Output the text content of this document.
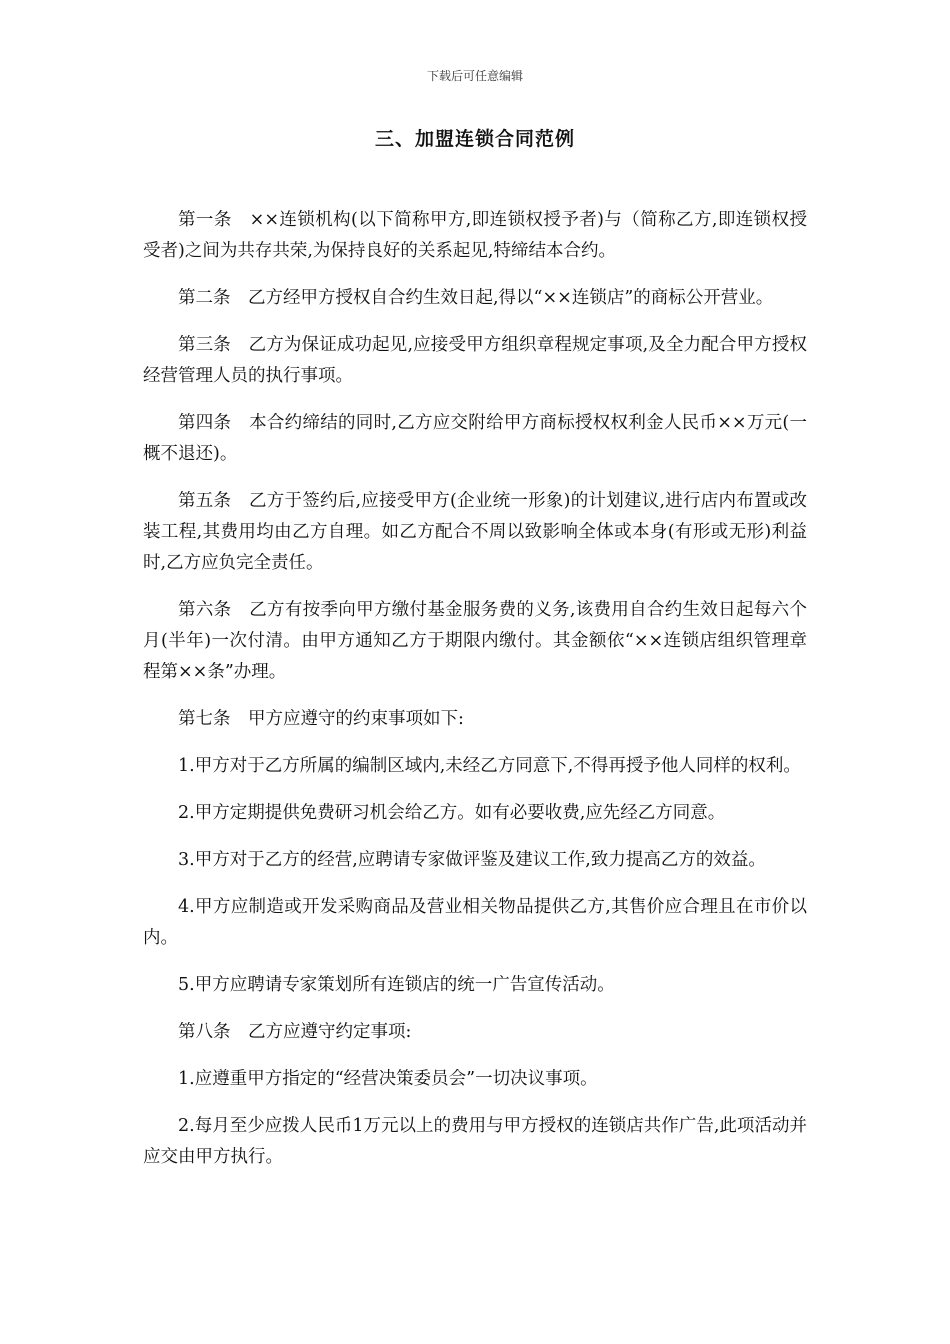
下载后可任意编辑
三、加盟连锁合同范例

第一条　××连锁机构(以下简称甲方,即连锁权授予者)与（简称乙方,即连锁权授受者)之间为共存共荣,为保持良好的关系起见,特缔结本合约。

第二条　乙方经甲方授权自合约生效日起,得以“××连锁店”的商标公开营业。

第三条　乙方为保证成功起见,应接受甲方组织章程规定事项,及全力配合甲方授权经营管理人员的执行事项。

第四条　本合约缔结的同时,乙方应交附给甲方商标授权权利金人民币××万元(一概不退还)。

第五条　乙方于签约后,应接受甲方(企业统一形象)的计划建议,进行店内布置或改装工程,其费用均由乙方自理。如乙方配合不周以致影响全体或本身(有形或无形)利益时,乙方应负完全责任。

第六条　乙方有按季向甲方缴付基金服务费的义务,该费用自合约生效日起每六个月(半年)一次付清。由甲方通知乙方于期限内缴付。其金额依“××连锁店组织管理章程第××条”办理。

第七条　甲方应遵守的约束事项如下:

1.甲方对于乙方所属的编制区域内,未经乙方同意下,不得再授予他人同样的权利。

2.甲方定期提供免费研习机会给乙方。如有必要收费,应先经乙方同意。

3.甲方对于乙方的经营,应聘请专家做评鉴及建议工作,致力提高乙方的效益。

4.甲方应制造或开发采购商品及营业相关物品提供乙方,其售价应合理且在市价以内。

5.甲方应聘请专家策划所有连锁店的统一广告宣传活动。

第八条　乙方应遵守约定事项:

1.应遵重甲方指定的“经营决策委员会”一切决议事项。

2.每月至少应拨人民币1万元以上的费用与甲方授权的连锁店共作广告,此项活动并应交由甲方执行。
